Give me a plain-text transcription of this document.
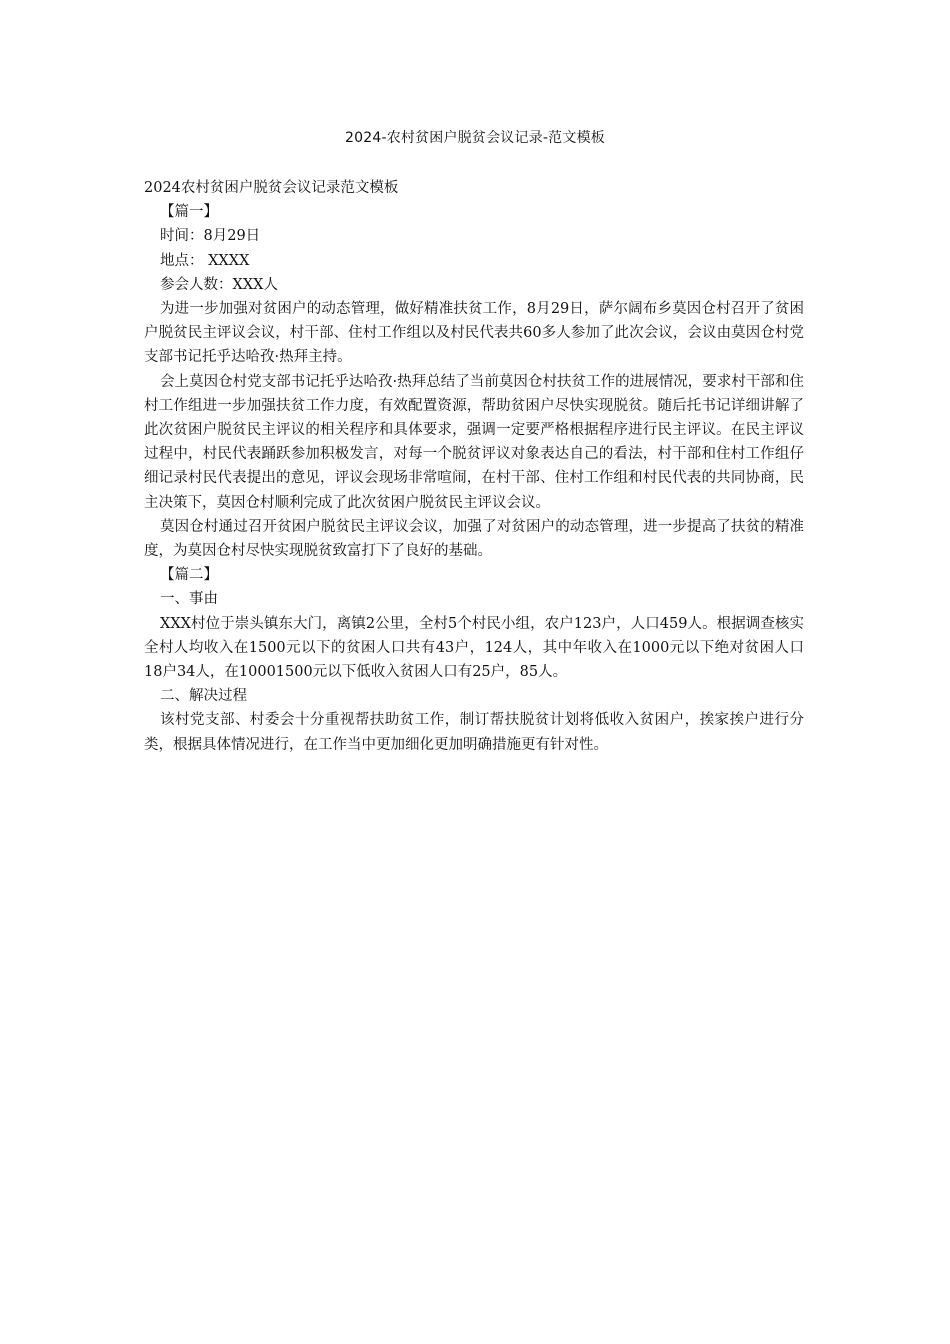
2024-农村贫困户脱贫会议记录-范文模板

2024农村贫困户脱贫会议记录范文模板

【篇一】

时间：8月29日

地点： XXXX

参会人数：XXX人

为进一步加强对贫困户的动态管理，做好精准扶贫工作，8月29日，萨尔阔布乡莫因仓村召开了贫困户脱贫民主评议会议，村干部、住村工作组以及村民代表共60多人参加了此次会议，会议由莫因仓村党支部书记托乎达哈孜·热拜主持。

会上莫因仓村党支部书记托乎达哈孜·热拜总结了当前莫因仓村扶贫工作的进展情况，要求村干部和住村工作组进一步加强扶贫工作力度，有效配置资源，帮助贫困户尽快实现脱贫。随后托书记详细讲解了此次贫困户脱贫民主评议的相关程序和具体要求，强调一定要严格根据程序进行民主评议。在民主评议过程中，村民代表踊跃参加积极发言，对每一个脱贫评议对象表达自己的看法，村干部和住村工作组仔细记录村民代表提出的意见，评议会现场非常喧闹，在村干部、住村工作组和村民代表的共同协商，民主决策下，莫因仓村顺利完成了此次贫困户脱贫民主评议会议。

莫因仓村通过召开贫困户脱贫民主评议会议，加强了对贫困户的动态管理，进一步提高了扶贫的精准度，为莫因仓村尽快实现脱贫致富打下了良好的基础。

【篇二】

一、事由

XXX村位于崇头镇东大门，离镇2公里，全村5个村民小组，农户123户，人口459人。根据调查核实全村人均收入在1500元以下的贫困人口共有43户，124人，其中年收入在1000元以下绝对贫困人口18户34人，在10001500元以下低收入贫困人口有25户，85人。

二、解决过程

该村党支部、村委会十分重视帮扶助贫工作，制订帮扶脱贫计划将低收入贫困户，挨家挨户进行分类，根据具体情况进行，在工作当中更加细化更加明确措施更有针对性。
